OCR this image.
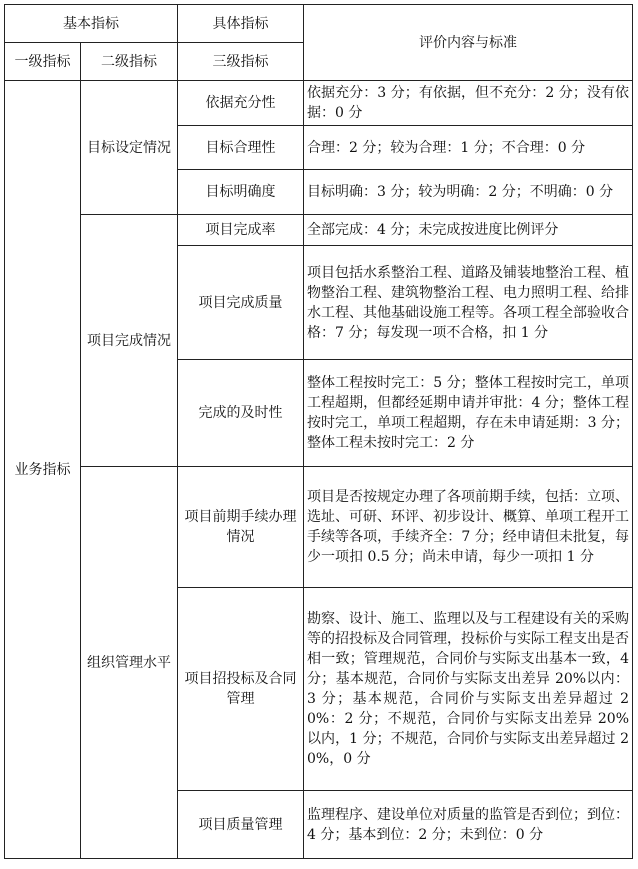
基本指标		具体指标	评价内容与标准
一级指标	二级指标	三级指标	
业务指标	目标设定情况	依据充分性	依据充分：3 分；有依据，但不充分：2 分；没有依据：0 分
		目标合理性	合理：2 分；较为合理：1 分；不合理：0 分
		目标明确度	目标明确：3 分；较为明确：2 分；不明确：0 分
	项目完成情况	项目完成率	全部完成：4 分；未完成按进度比例评分
		项目完成质量	项目包括水系整治工程、道路及铺装地整治工程、植物整治工程、建筑物整治工程、电力照明工程、给排水工程、其他基础设施工程等。各项工程全部验收合格：7 分；每发现一项不合格，扣 1 分
		完成的及时性	整体工程按时完工：5 分；整体工程按时完工，单项工程超期，但都经延期申请并审批：4 分；整体工程按时完工，单项工程超期，存在未申请延期：3 分；整体工程未按时完工：2 分
	组织管理水平	项目前期手续办理情况	项目是否按规定办理了各项前期手续，包括：立项、选址、可研、环评、初步设计、概算、单项工程开工手续等各项，手续齐全：7 分；经申请但未批复，每少一项扣 0.5 分；尚未申请，每少一项扣 1 分
		项目招投标及合同管理	勘察、设计、施工、监理以及与工程建设有关的采购等的招投标及合同管理，投标价与实际工程支出是否相一致；管理规范，合同价与实际支出基本一致，4 分；基本规范，合同价与实际支出差异 20%以内：3 分；基本规范，合同价与实际支出差异超过 20%：2 分；不规范，合同价与实际支出差异 20%以内，1 分；不规范，合同价与实际支出差异超过 20%，0 分
		项目质量管理	监理程序、建设单位对质量的监管是否到位；到位：4 分；基本到位：2 分；未到位：0 分
